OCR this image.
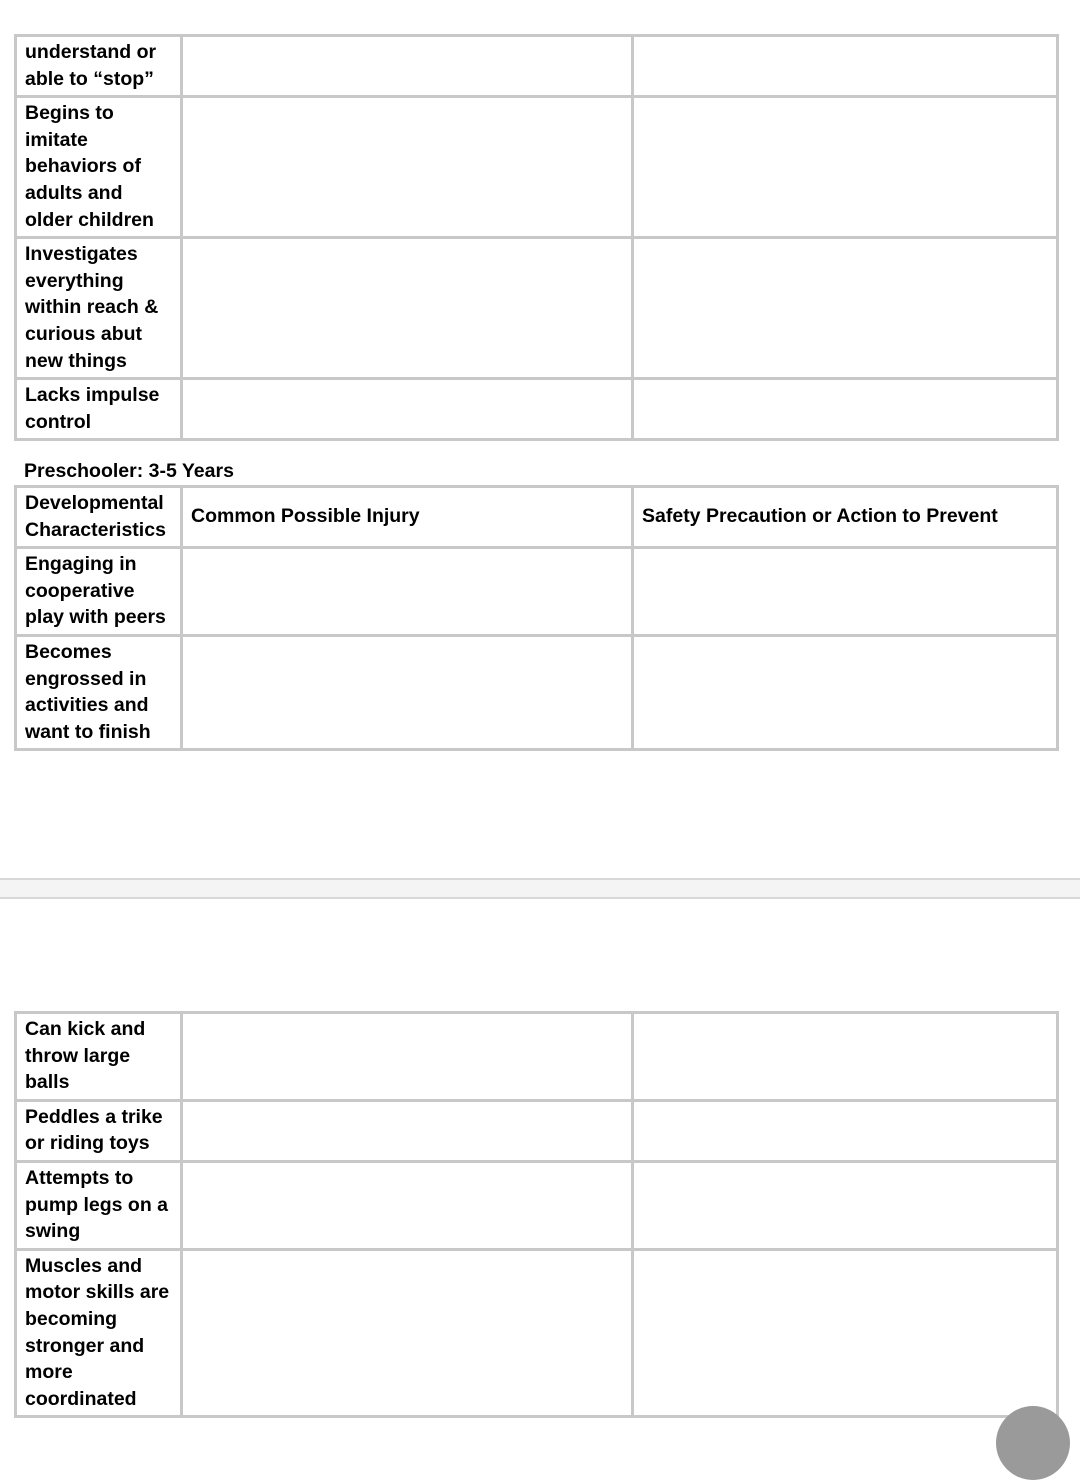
understand or able to “stop”		
Begins to imitate behaviors of adults and older children		
Investigates everything within reach & curious abut new things		
Lacks impulse control		
Preschooler: 3-5 Years
Developmental Characteristics	Common Possible Injury	Safety Precaution or Action to Prevent
Engaging in cooperative play with peers		
Becomes engrossed in activities and want to finish		
Can kick and throw large balls		
Peddles a trike or riding toys		
Attempts to pump legs on a swing		
Muscles and motor skills are becoming stronger and more coordinated		
